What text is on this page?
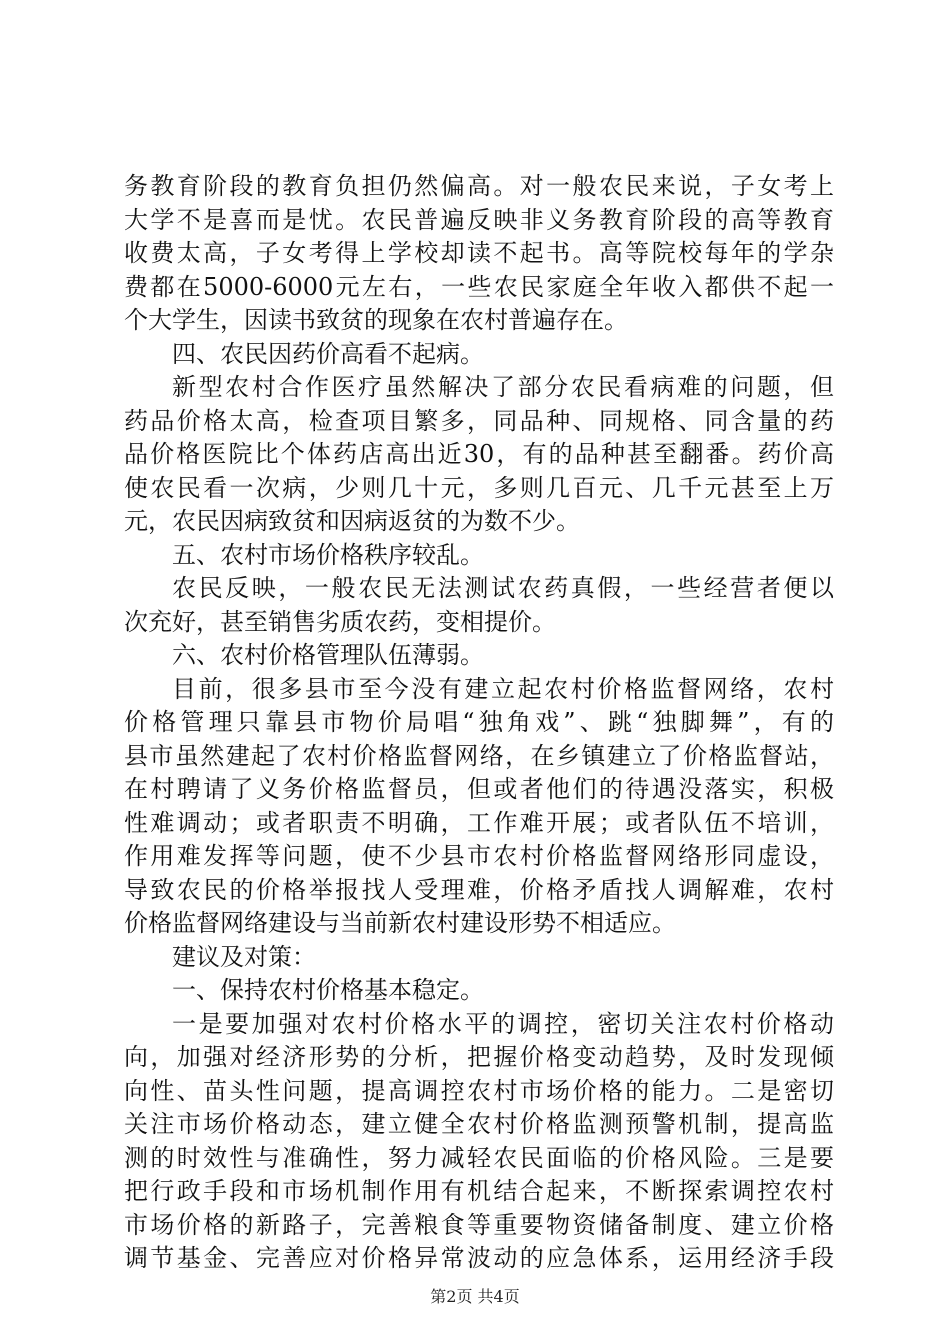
务教育阶段的教育负担仍然偏高。对一般农民来说，子女考上
大学不是喜而是忧。农民普遍反映非义务教育阶段的高等教育
收费太高，子女考得上学校却读不起书。高等院校每年的学杂
费都在5000-6000元左右，一些农民家庭全年收入都供不起一
个大学生，因读书致贫的现象在农村普遍存在。
四、农民因药价高看不起病。
新型农村合作医疗虽然解决了部分农民看病难的问题，但
药品价格太高，检查项目繁多，同品种、同规格、同含量的药
品价格医院比个体药店高出近30，有的品种甚至翻番。药价高
使农民看一次病，少则几十元，多则几百元、几千元甚至上万
元，农民因病致贫和因病返贫的为数不少。
五、农村市场价格秩序较乱。
农民反映，一般农民无法测试农药真假，一些经营者便以
次充好，甚至销售劣质农药，变相提价。
六、农村价格管理队伍薄弱。
目前，很多县市至今没有建立起农村价格监督网络，农村
价格管理只靠县市物价局唱“独角戏”、跳“独脚舞”，有的
县市虽然建起了农村价格监督网络，在乡镇建立了价格监督站，
在村聘请了义务价格监督员，但或者他们的待遇没落实，积极
性难调动；或者职责不明确，工作难开展；或者队伍不培训，
作用难发挥等问题，使不少县市农村价格监督网络形同虚设，
导致农民的价格举报找人受理难，价格矛盾找人调解难，农村
价格监督网络建设与当前新农村建设形势不相适应。
建议及对策：
一、保持农村价格基本稳定。
一是要加强对农村价格水平的调控，密切关注农村价格动
向，加强对经济形势的分析，把握价格变动趋势，及时发现倾
向性、苗头性问题，提高调控农村市场价格的能力。二是密切
关注市场价格动态，建立健全农村价格监测预警机制，提高监
测的时效性与准确性，努力减轻农民面临的价格风险。三是要
把行政手段和市场机制作用有机结合起来，不断探索调控农村
市场价格的新路子，完善粮食等重要物资储备制度、建立价格
调节基金、完善应对价格异常波动的应急体系，运用经济手段
第2页 共4页
